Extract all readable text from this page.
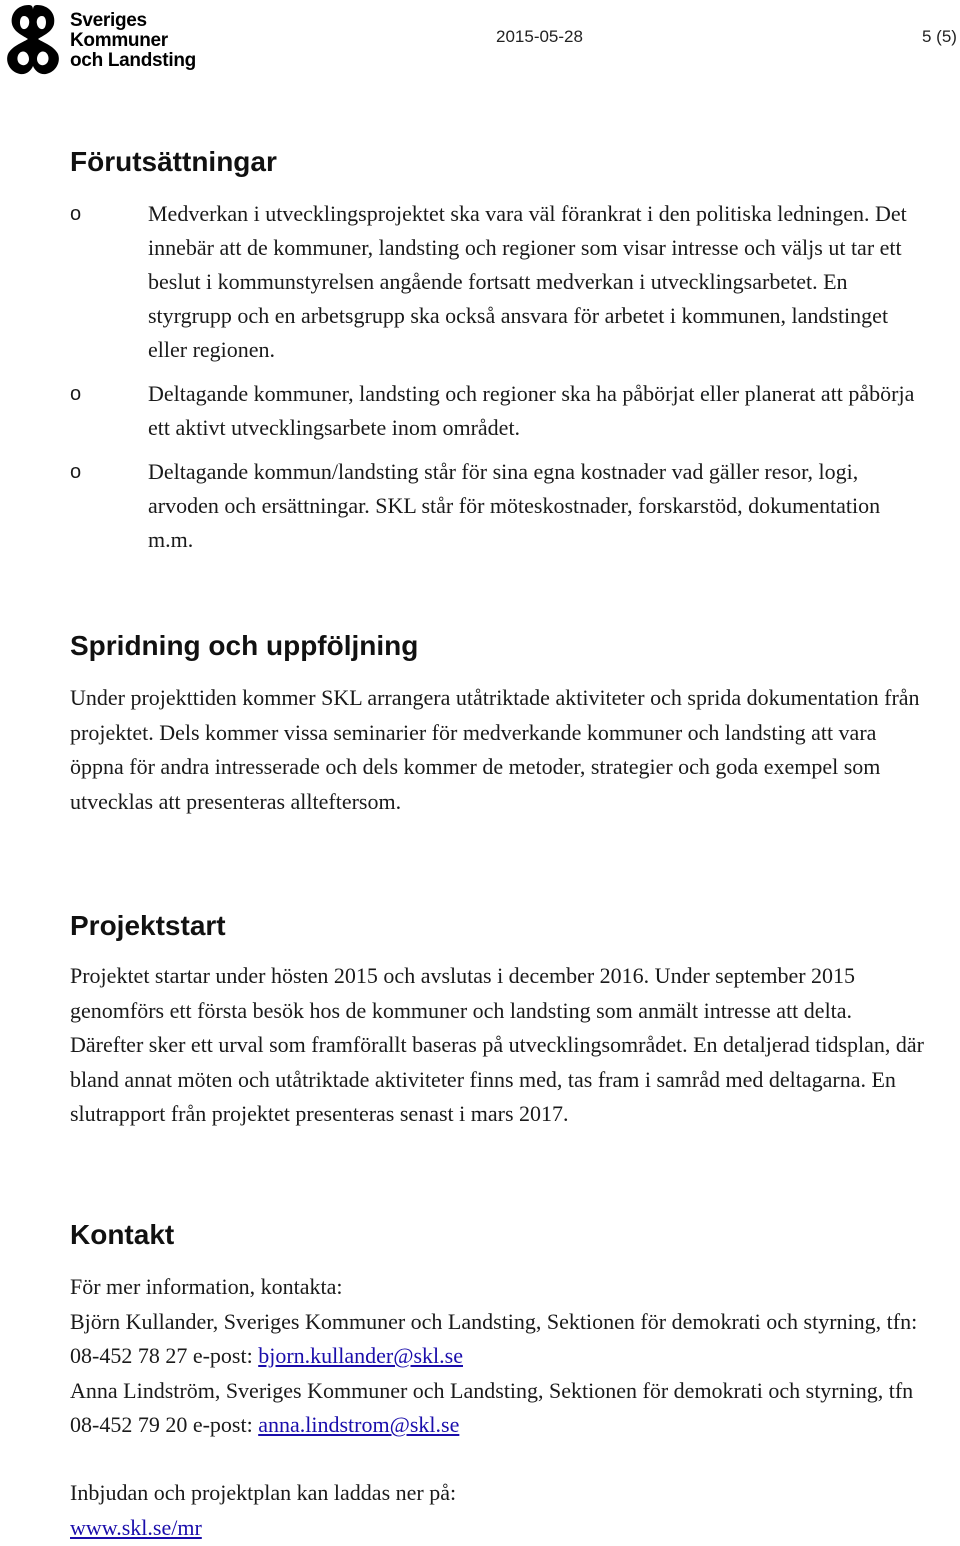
Sveriges
Kommuner
och Landsting
2015-05-28	5 (5)
Förutsättningar
o	Medverkan i utvecklingsprojektet ska vara väl förankrat i den politiska ledningen. Det innebär att de kommuner, landsting och regioner som visar intresse och väljs ut tar ett beslut i kommunstyrelsen angående fortsatt medverkan i utvecklingsarbetet. En styrgrupp och en arbetsgrupp ska också ansvara för arbetet i kommunen, landstinget eller regionen.
o	Deltagande kommuner, landsting och regioner ska ha påbörjat eller planerat att påbörja ett aktivt utvecklingsarbete inom området.
o	Deltagande kommun/landsting står för sina egna kostnader vad gäller resor, logi, arvoden och ersättningar. SKL står för möteskostnader, forskarstöd, dokumentation m.m.
Spridning och uppföljning

Under projekttiden kommer SKL arrangera utåtriktade aktiviteter och sprida dokumentation från projektet. Dels kommer vissa seminarier för medverkande kommuner och landsting att vara öppna för andra intresserade och dels kommer de metoder, strategier och goda exempel som utvecklas att presenteras allteftersom.

Projektstart

Projektet startar under hösten 2015 och avslutas i december 2016. Under september 2015 genomförs ett första besök hos de kommuner och landsting som anmält intresse att delta. Därefter sker ett urval som framförallt baseras på utvecklingsområdet. En detaljerad tidsplan, där bland annat möten och utåtriktade aktiviteter finns med, tas fram i samråd med deltagarna. En slutrapport från projektet presenteras senast i mars 2017.

Kontakt
För mer information, kontakta:
Björn Kullander, Sveriges Kommuner och Landsting, Sektionen för demokrati och styrning, tfn: 08-452 78 27 e-post: bjorn.kullander@skl.se
Anna Lindström, Sveriges Kommuner och Landsting, Sektionen för demokrati och styrning, tfn 08-452 79 20 e-post: anna.lindstrom@skl.se
Inbjudan och projektplan kan laddas ner på:
www.skl.se/mr
